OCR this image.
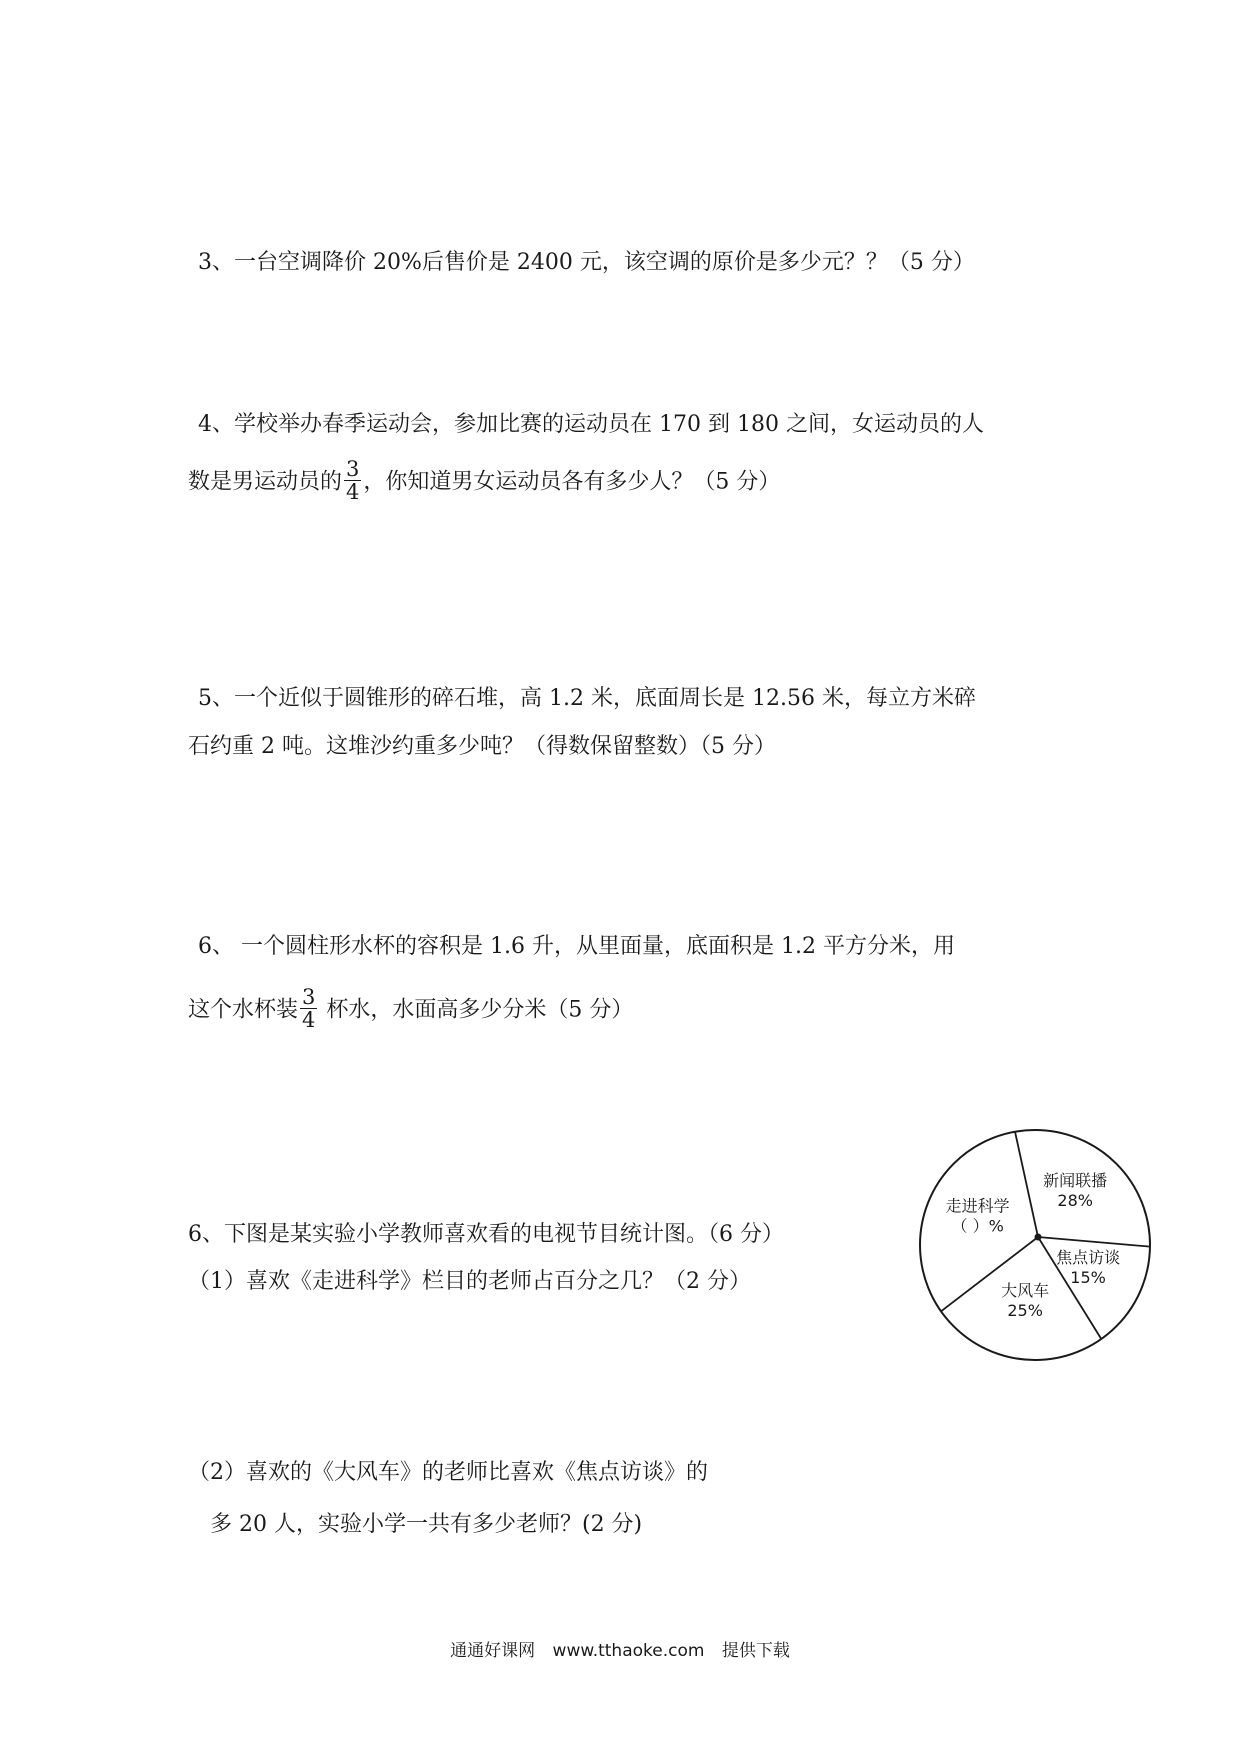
3、一台空调降价 20%后售价是 2400 元，该空调的原价是多少元？？（5 分）
4、学校举办春季运动会，参加比赛的运动员在 170 到 180 之间，女运动员的人
数是男运动员的 $\frac{3}{4}$ ，你知道男女运动员各有多少人？（5 分）
5、一个近似于圆锥形的碎石堆，高 1.2 米，底面周长是 12.56 米，每立方米碎
石约重 2 吨。这堆沙约重多少吨？（得数保留整数）（5 分）
6、 一个圆柱形水杯的容积是 1.6 升，从里面量，底面积是 1.2 平方分米，用
这个水杯装 $\frac{3}{4}$ 杯水，水面高多少分米（5 分）
6、下图是某实验小学教师喜欢看的电视节目统计图。（6 分）
（1）喜欢《走进科学》栏目的老师占百分之几？（2 分）
（2）喜欢的《大风车》的老师比喜欢《焦点访谈》的
多 20 人，实验小学一共有多少老师？(2 分)
新闻联播
28%
焦点访谈
15%
大风车
25%
走进科学
（ ）%
通通好课网 www.tthaoke.com 提供下载
